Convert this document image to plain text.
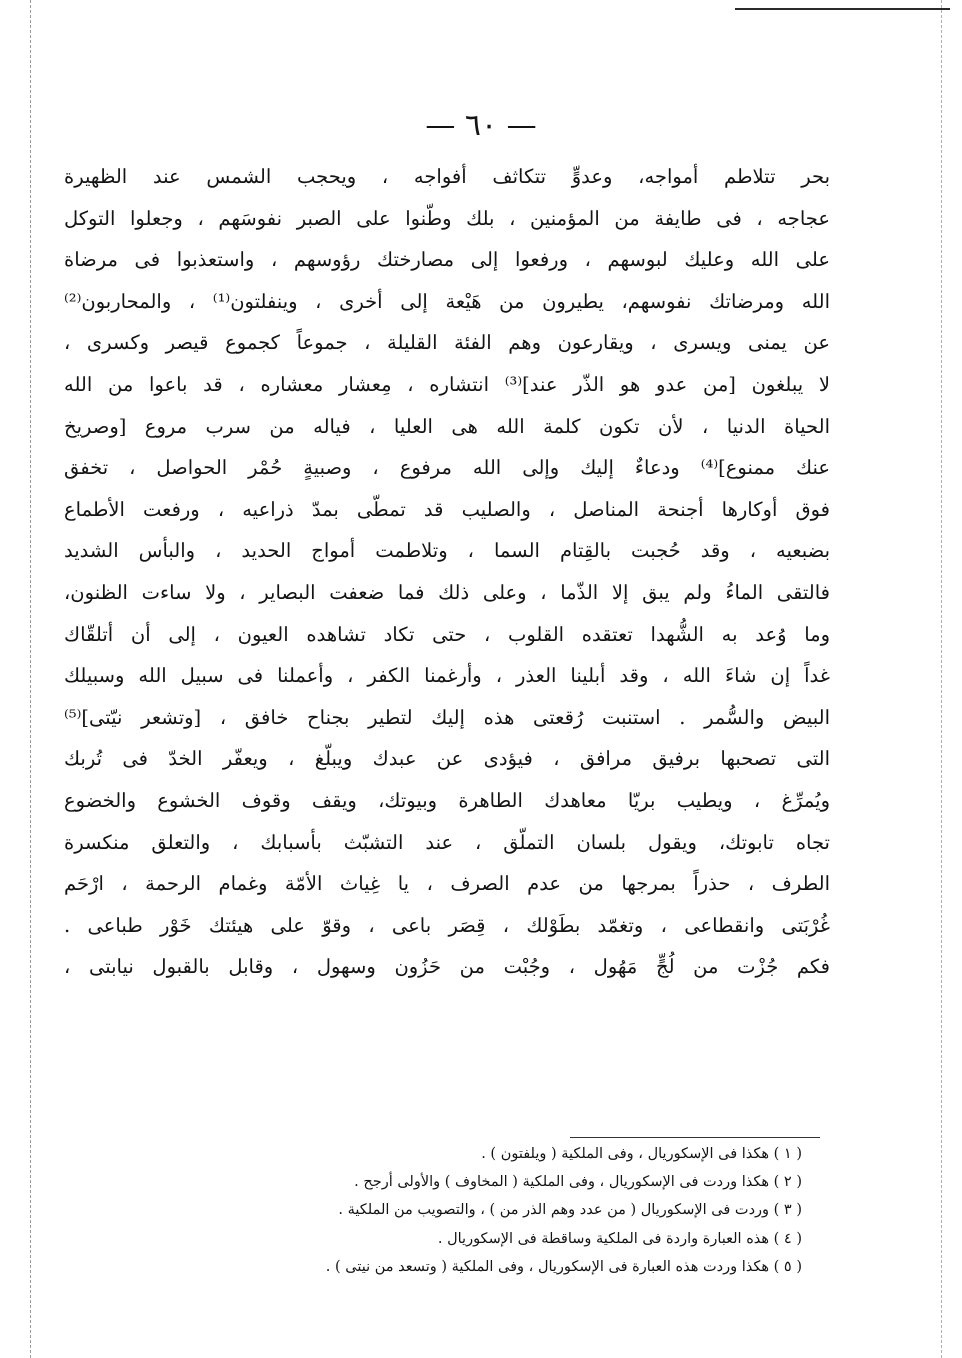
— ٦٠ —
بحر تتلاطم أمواجه، وعدوٍّ تتكاثف أفواجه ، ويحجب الشمس عند الظهيرة
عجاجه ، فى طايفة من المؤمنين ، بلك وطّنوا على الصبر نفوسَهم ، وجعلوا التوكل
على الله وعليك لبوسهم ، ورفعوا إلى مصارختك رؤوسهم ، واستعذبوا فى مرضاة
الله ومرضاتك نفوسهم، يطيرون من هَيْعة إلى أخرى ، وينفلتون⁽¹⁾ ، والمحاربون⁽²⁾
عن يمنى ويسرى ، ويقارعون وهم الفئة القليلة ، جموعاً كجموع قيصر وكسرى ،
لا يبلغون [من عدو هو الذّر عند]⁽³⁾ انتشاره ، مِعشار معشاره ، قد باعوا من الله
الحياة الدنيا ، لأن تكون كلمة الله هى العليا ، فياله من سرب مروع [وصريخ
عنك ممنوع]⁽⁴⁾ ودعاءٌ إليك وإلى الله مرفوع ، وصبيةٍ حُمْر الحواصل ، تخفق
فوق أوكارها أجنحة المناصل ، والصليب قد تمطّى بمدّ ذراعيه ، ورفعت الأطماع
بضبعيه ، وقد حُجبت بالقِتام السما ، وتلاطمت أمواج الحديد ، والبأس الشديد
فالتقى الماءُ ولم يبق إلا الذّما ، وعلى ذلك فما ضعفت البصاير ، ولا ساءت الظنون،
وما وُعد به الشُّهدا تعتقده القلوب ، حتى تكاد تشاهده العيون ، إلى أن أتلقّاك
غداً إن شاءَ الله ، وقد أبلينا العذر ، وأرغمنا الكفر ، وأعملنا فى سبيل الله وسبيلك
البيض والسُّمر . استنبت رُقعتى هذه إليك لتطير بجناح خافق ، [وتشعر نيّتى]⁽⁵⁾
التى تصحبها برفيق مرافق ، فيؤدى عن عبدك ويبلّغ ، ويعفّر الخدّ فى تُربك
ويُمرِّغ ، ويطيب بريّا معاهدك الطاهرة وبيوتك، ويقف وقوف الخشوع والخضوع
تجاه تابوتك، ويقول بلسان التملّق ، عند التشبّث بأسبابك ، والتعلق منكسرة
الطرف ، حذراً بمرجها من عدم الصرف ، يا غِياث الأمّة وغمام الرحمة ، ارْحَم
غُرْبَتى وانقطاعى ، وتغمّد بطَوْلك ، قِصَر باعى ، وقوّ على هيئتك خَوْر طباعى .
فكم جُزْت من لُجٍّ مَهُول ، وجُبْت من حَزُون وسهول ، وقابل بالقبول نيابتى ،
( ١ ) هكذا فى الإسكوريال ، وفى الملكية ( ويلفتون ) .
( ٢ ) هكذا وردت فى الإسكوريال ، وفى الملكية ( المخاوف ) والأولى أرجح .
( ٣ ) وردت فى الإسكوريال ( من عدد وهم الذر من ) ، والتصويب من الملكية .
( ٤ ) هذه العبارة واردة فى الملكية وساقطة فى الإسكوريال .
( ٥ ) هكذا وردت هذه العبارة فى الإسكوريال ، وفى الملكية ( وتسعد من نيتى ) .
